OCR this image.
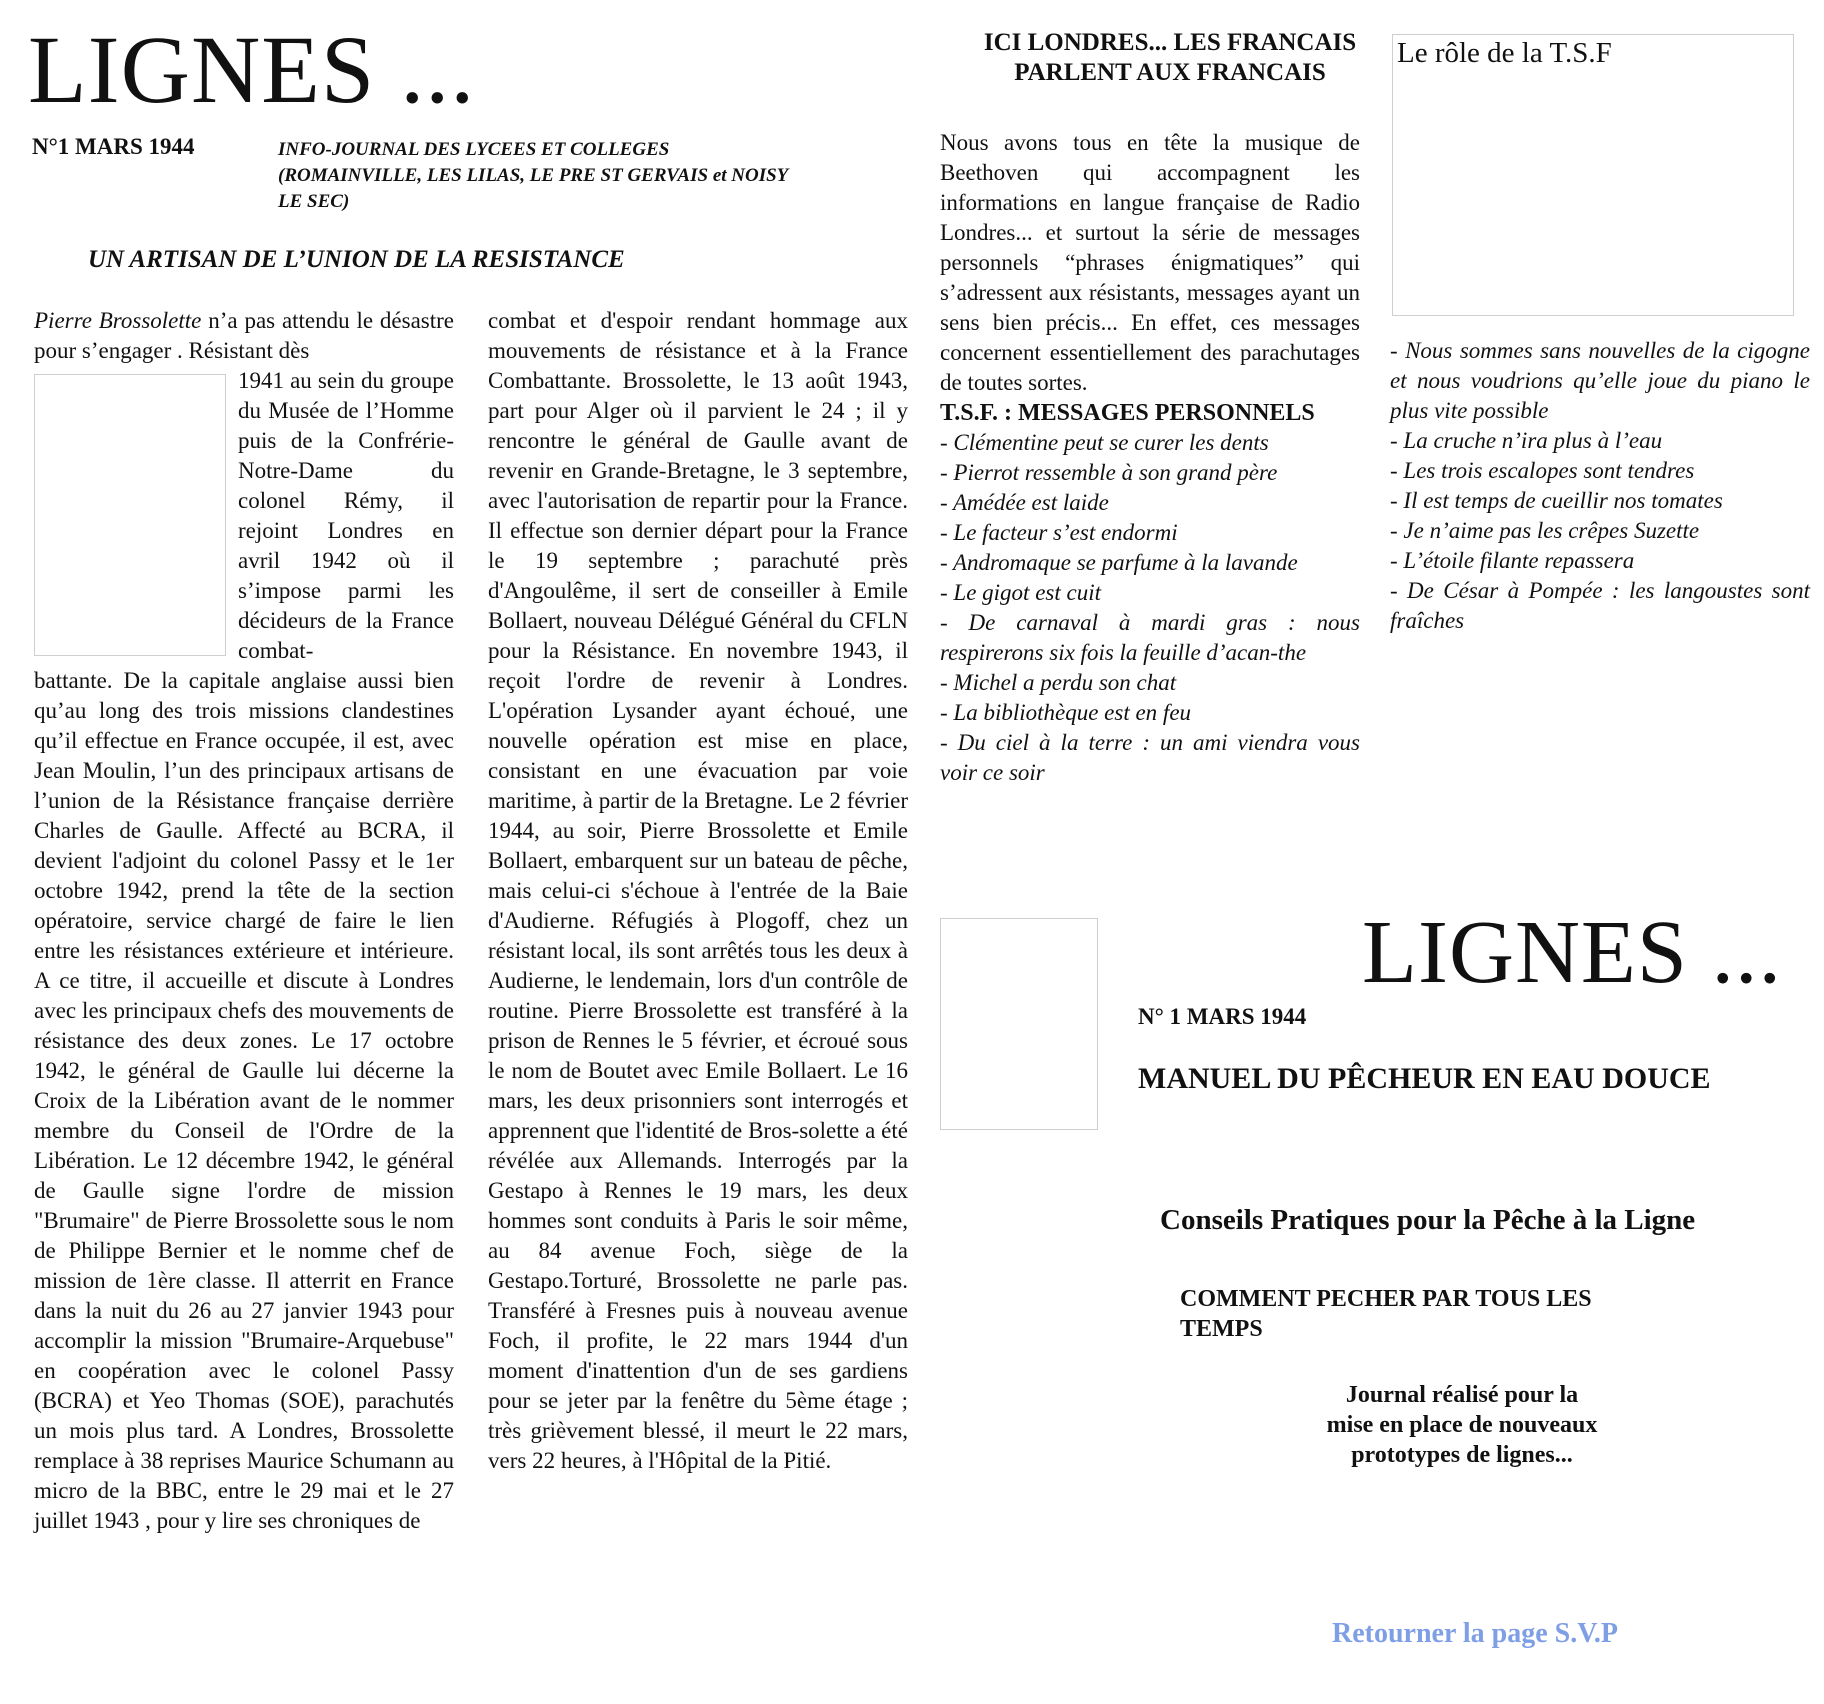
LIGNES ...
N°1 MARS 1944	INFO-JOURNAL DES LYCEES ET COLLEGES
(ROMAINVILLE, LES LILAS, LE PRE ST GERVAIS et NOISY
LE SEC)
UN ARTISAN DE L’UNION DE LA RESISTANCE

Pierre Brossolette n’a pas attendu le désastre pour s’engager . Résistant dès

1941 au sein du groupe du Musée de l’Homme puis de la Confrérie-Notre-Dame du colonel Rémy, il rejoint Londres en avril 1942 où il s’impose parmi les décideurs de la France combat-

battante. De la capitale anglaise aussi bien qu’au long des trois missions clandestines qu’il effectue en France occupée, il est, avec Jean Moulin, l’un des principaux artisans de l’union de la Résistance française derrière Charles de Gaulle. Affecté au BCRA, il devient l'adjoint du colonel Passy et le 1er octobre 1942, prend la tête de la section opératoire, service chargé de faire le lien entre les résistances extérieure et intérieure. A ce titre, il accueille et discute à Londres avec les principaux chefs des mouvements de résistance des deux zones. Le 17 octobre 1942, le général de Gaulle lui décerne la Croix de la Libération avant de le nommer membre du Conseil de l'Ordre de la Libération. Le 12 décembre 1942, le général de Gaulle signe l'ordre de mission "Brumaire" de Pierre Brossolette sous le nom de Philippe Bernier et le nomme chef de mission de 1ère classe. Il atterrit en France dans la nuit du 26 au 27 janvier 1943 pour accomplir la mission "Brumaire-Arquebuse" en coopération avec le colonel Passy (BCRA) et Yeo Thomas (SOE), parachutés un mois plus tard. A Londres, Brossolette remplace à 38 reprises Maurice Schumann au micro de la BBC, entre le 29 mai et le 27 juillet 1943 , pour y lire ses chroniques de

combat et d'espoir rendant hommage aux mouvements de résistance et à la France Combattante. Brossolette, le 13 août 1943, part pour Alger où il parvient le 24 ; il y rencontre le général de Gaulle avant de revenir en Grande-Bretagne, le 3 septembre, avec l'autorisation de repartir pour la France. Il effectue son dernier départ pour la France le 19 septembre ; parachuté près d'Angoulême, il sert de conseiller à Emile Bollaert, nouveau Délégué Général du CFLN pour la Résistance. En novembre 1943, il reçoit l'ordre de revenir à Londres. L'opération Lysander ayant échoué, une nouvelle opération est mise en place, consistant en une évacuation par voie maritime, à partir de la Bretagne. Le 2 février 1944, au soir, Pierre Brossolette et Emile Bollaert, embarquent sur un bateau de pêche, mais celui-ci s'échoue à l'entrée de la Baie d'Audierne. Réfugiés à Plogoff, chez un résistant local, ils sont arrêtés tous les deux à Audierne, le lendemain, lors d'un contrôle de routine. Pierre Brossolette est transféré à la prison de Rennes le 5 février, et écroué sous le nom de Boutet avec Emile Bollaert. Le 16 mars, les deux prisonniers sont interrogés et apprennent que l'identité de Bros-solette a été révélée aux Allemands. Interrogés par la Gestapo à Rennes le 19 mars, les deux hommes sont conduits à Paris le soir même, au 84 avenue Foch, siège de la Gestapo.Torturé, Brossolette ne parle pas. Transféré à Fresnes puis à nouveau avenue Foch, il profite, le 22 mars 1944 d'un moment d'inattention d'un de ses gardiens pour se jeter par la fenêtre du 5ème étage ; très grièvement blessé, il meurt le 22 mars, vers 22 heures, à l'Hôpital de la Pitié.
ICI LONDRES... LES FRANCAIS
PARLENT AUX FRANCAIS

Nous avons tous en tête la musique de Beethoven qui accompagnent les informations en langue française de Radio Londres... et surtout la série de messages personnels “phrases énigmatiques” qui s’adressent aux résistants, messages ayant un sens bien précis... En effet, ces messages concernent essentiellement des parachutages de toutes sortes.

T.S.F. : MESSAGES PERSONNELS

- Clémentine peut se curer les dents

- Pierrot ressemble à son grand père

- Amédée est laide

- Le facteur s’est endormi

- Andromaque se parfume à la lavande

- Le gigot est cuit

- De carnaval à mardi gras : nous respirerons six fois la feuille d’acan-the

- Michel a perdu son chat

- La bibliothèque est en feu

- Du ciel à la terre : un ami viendra vous voir ce soir

Le rôle de la T.S.F

- Nous sommes sans nouvelles de la cigogne et nous voudrions qu’elle joue du piano le plus vite possible

- La cruche n’ira plus à l’eau

- Les trois escalopes sont tendres

- Il est temps de cueillir nos tomates

- Je n’aime pas les crêpes Suzette

- L’étoile filante repassera

- De César à Pompée : les langoustes sont fraîches

LIGNES ...
N° 1 MARS 1944
MANUEL DU PÊCHEUR EN EAU DOUCE
Conseils Pratiques pour la Pêche à la Ligne
COMMENT PECHER PAR TOUS LES
TEMPS
Journal réalisé pour la
mise en place de nouveaux
prototypes de lignes...
Retourner la page S.V.P
